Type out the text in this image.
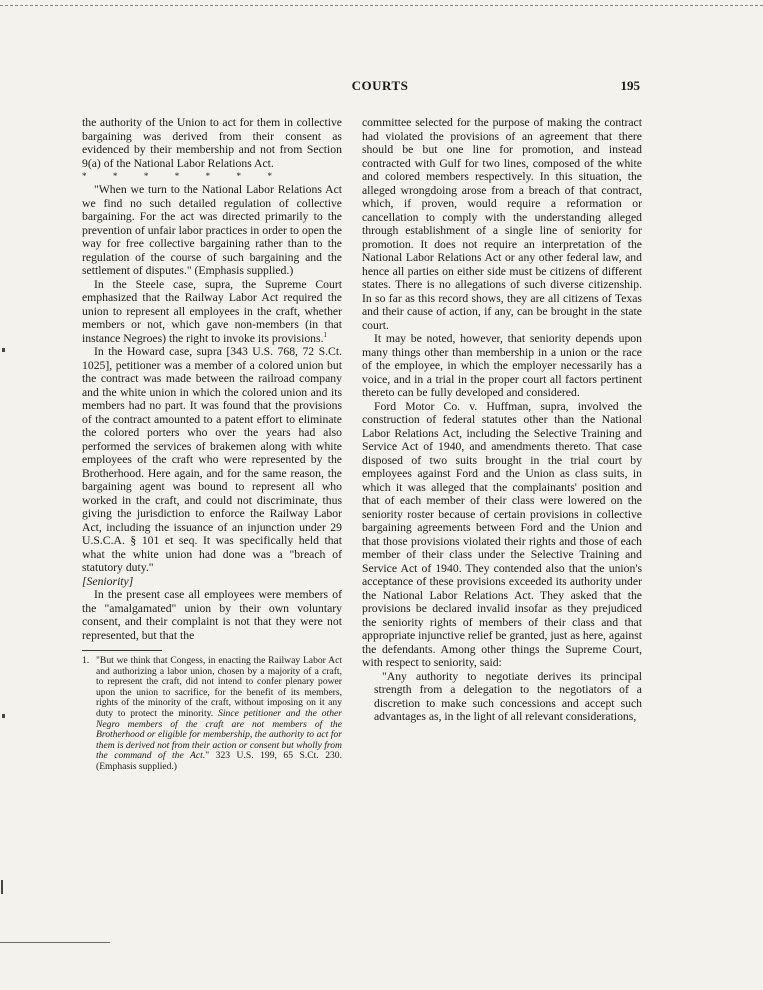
COURTS	195

the authority of the Union to act for them in collective bargaining was derived from their consent as evidenced by their membership and not from Section 9(a) of the National Labor Relations Act.

*	*	*	*	*	*	*

"When we turn to the National Labor Relations Act we find no such detailed regulation of collective bargaining. For the act was directed primarily to the prevention of unfair labor practices in order to open the way for free collective bargaining rather than to the regulation of the course of such bargaining and the settlement of disputes." (Emphasis supplied.)

In the Steele case, supra, the Supreme Court emphasized that the Railway Labor Act required the union to represent all employees in the craft, whether members or not, which gave non-members (in that instance Negroes) the right to invoke its provisions.$^1$

In the Howard case, supra [343 U.S. 768, 72 S.Ct. 1025], petitioner was a member of a colored union but the contract was made between the railroad company and the white union in which the colored union and its members had no part. It was found that the provisions of the contract amounted to a patent effort to eliminate the colored porters who over the years had also performed the services of brakemen along with white employees of the craft who were represented by the Brotherhood. Here again, and for the same reason, the bargaining agent was bound to represent all who worked in the craft, and could not discriminate, thus giving the jurisdiction to enforce the Railway Labor Act, including the issuance of an injunction under 29 U.S.C.A. § 101 et seq. It was specifically held that what the white union had done was a "breach of statutory duty."

[Seniority]

In the present case all employees were members of the "amalgamated" union by their own voluntary consent, and their complaint is not that they were not represented, but that the

1. "But we think that Congess, in enacting the Railway Labor Act and authorizing a labor union, chosen by a majority of a craft, to represent the craft, did not intend to confer plenary power upon the union to sacrifice, for the benefit of its members, rights of the minority of the craft, without imposing on it any duty to protect the minority. Since petitioner and the other Negro members of the craft are not members of the Brotherhood or eligible for membership, the authority to act for them is derived not from their action or consent but wholly from the command of the Act." 323 U.S. 199, 65 S.Ct. 230. (Emphasis supplied.)

committee selected for the purpose of making the contract had violated the provisions of an agreement that there should be but one line for promotion, and instead contracted with Gulf for two lines, composed of the white and colored members respectively. In this situation, the alleged wrongdoing arose from a breach of that contract, which, if proven, would require a reformation or cancellation to comply with the understanding alleged through establishment of a single line of seniority for promotion. It does not require an interpretation of the National Labor Relations Act or any other federal law, and hence all parties on either side must be citizens of different states. There is no allegations of such diverse citizenship. In so far as this record shows, they are all citizens of Texas and their cause of action, if any, can be brought in the state court.

It may be noted, however, that seniority depends upon many things other than membership in a union or the race of the employee, in which the employer necessarily has a voice, and in a trial in the proper court all factors pertinent thereto can be fully developed and considered.

Ford Motor Co. v. Huffman, supra, involved the construction of federal statutes other than the National Labor Relations Act, including the Selective Training and Service Act of 1940, and amendments thereto. That case disposed of two suits brought in the trial court by employees against Ford and the Union as class suits, in which it was alleged that the complainants' position and that of each member of their class were lowered on the seniority roster because of certain provisions in collective bargaining agreements between Ford and the Union and that those provisions violated their rights and those of each member of their class under the Selective Training and Service Act of 1940. They contended also that the union's acceptance of these provisions exceeded its authority under the National Labor Relations Act. They asked that the provisions be declared invalid insofar as they prejudiced the seniority rights of members of their class and that appropriate injunctive relief be granted, just as here, against the defendants. Among other things the Supreme Court, with respect to seniority, said:

"Any authority to negotiate derives its principal strength from a delegation to the negotiators of a discretion to make such concessions and accept such advantages as, in the light of all relevant considerations,
